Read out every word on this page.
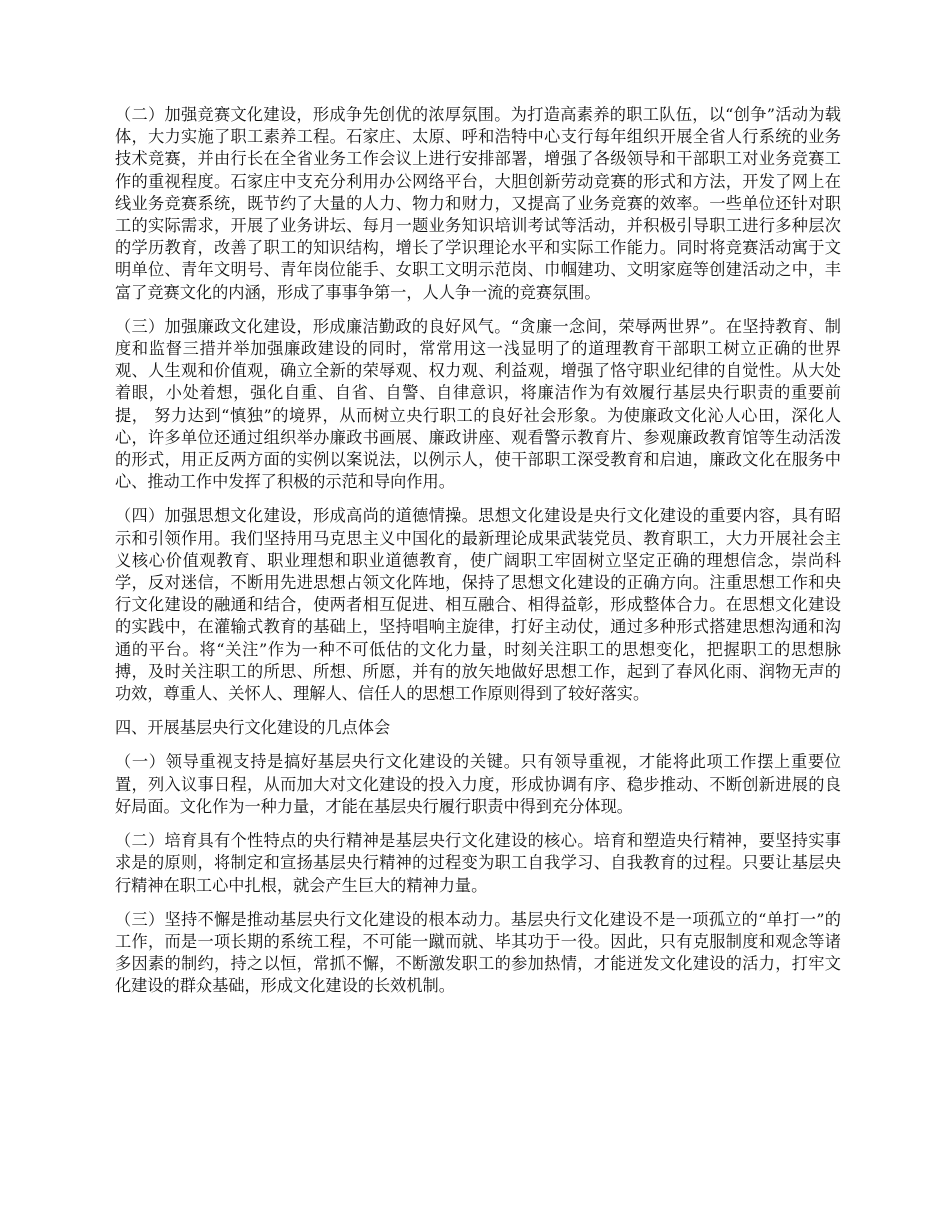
（二）加强竞赛文化建设，形成争先创优的浓厚氛围。为打造高素养的职工队伍，以“创争”活动为载体，大力实施了职工素养工程。石家庄、太原、呼和浩特中心支行每年组织开展全省人行系统的业务技术竞赛，并由行长在全省业务工作会议上进行安排部署，增强了各级领导和干部职工对业务竞赛工作的重视程度。石家庄中支充分利用办公网络平台，大胆创新劳动竞赛的形式和方法，开发了网上在线业务竞赛系统，既节约了大量的人力、物力和财力，又提高了业务竞赛的效率。一些单位还针对职工的实际需求，开展了业务讲坛、每月一题业务知识培训考试等活动，并积极引导职工进行多种层次的学历教育，改善了职工的知识结构，增长了学识理论水平和实际工作能力。同时将竞赛活动寓于文明单位、青年文明号、青年岗位能手、女职工文明示范岗、巾帼建功、文明家庭等创建活动之中，丰富了竞赛文化的内涵，形成了事事争第一，人人争一流的竞赛氛围。

（三）加强廉政文化建设，形成廉洁勤政的良好风气。“贪廉一念间，荣辱两世界”。在坚持教育、制度和监督三措并举加强廉政建设的同时，常常用这一浅显明了的道理教育干部职工树立正确的世界观、人生观和价值观，确立全新的荣辱观、权力观、利益观，增强了恪守职业纪律的自觉性。从大处着眼，小处着想，强化自重、自省、自警、自律意识，将廉洁作为有效履行基层央行职责的重要前提， 努力达到“慎独”的境界，从而树立央行职工的良好社会形象。为使廉政文化沁人心田，深化人心，许多单位还通过组织举办廉政书画展、廉政讲座、观看警示教育片、参观廉政教育馆等生动活泼的形式，用正反两方面的实例以案说法，以例示人，使干部职工深受教育和启迪，廉政文化在服务中心、推动工作中发挥了积极的示范和导向作用。

（四）加强思想文化建设，形成高尚的道德情操。思想文化建设是央行文化建设的重要内容，具有昭示和引领作用。我们坚持用马克思主义中国化的最新理论成果武装党员、教育职工，大力开展社会主义核心价值观教育、职业理想和职业道德教育，使广阔职工牢固树立坚定正确的理想信念，崇尚科学，反对迷信，不断用先进思想占领文化阵地，保持了思想文化建设的正确方向。注重思想工作和央行文化建设的融通和结合，使两者相互促进、相互融合、相得益彰，形成整体合力。在思想文化建设的实践中，在灌输式教育的基础上，坚持唱响主旋律，打好主动仗，通过多种形式搭建思想沟通和沟通的平台。将“关注”作为一种不可低估的文化力量，时刻关注职工的思想变化，把握职工的思想脉搏，及时关注职工的所思、所想、所愿，并有的放矢地做好思想工作，起到了春风化雨、润物无声的功效，尊重人、关怀人、理解人、信任人的思想工作原则得到了较好落实。

四、开展基层央行文化建设的几点体会

（一）领导重视支持是搞好基层央行文化建设的关键。只有领导重视，才能将此项工作摆上重要位置，列入议事日程，从而加大对文化建设的投入力度，形成协调有序、稳步推动、不断创新进展的良好局面。文化作为一种力量，才能在基层央行履行职责中得到充分体现。

（二）培育具有个性特点的央行精神是基层央行文化建设的核心。培育和塑造央行精神，要坚持实事求是的原则，将制定和宣扬基层央行精神的过程变为职工自我学习、自我教育的过程。只要让基层央行精神在职工心中扎根，就会产生巨大的精神力量。

（三）坚持不懈是推动基层央行文化建设的根本动力。基层央行文化建设不是一项孤立的“单打一”的工作，而是一项长期的系统工程，不可能一蹴而就、毕其功于一役。因此，只有克服制度和观念等诸多因素的制约，持之以恒，常抓不懈，不断激发职工的参加热情，才能迸发文化建设的活力，打牢文化建设的群众基础，形成文化建设的长效机制。
